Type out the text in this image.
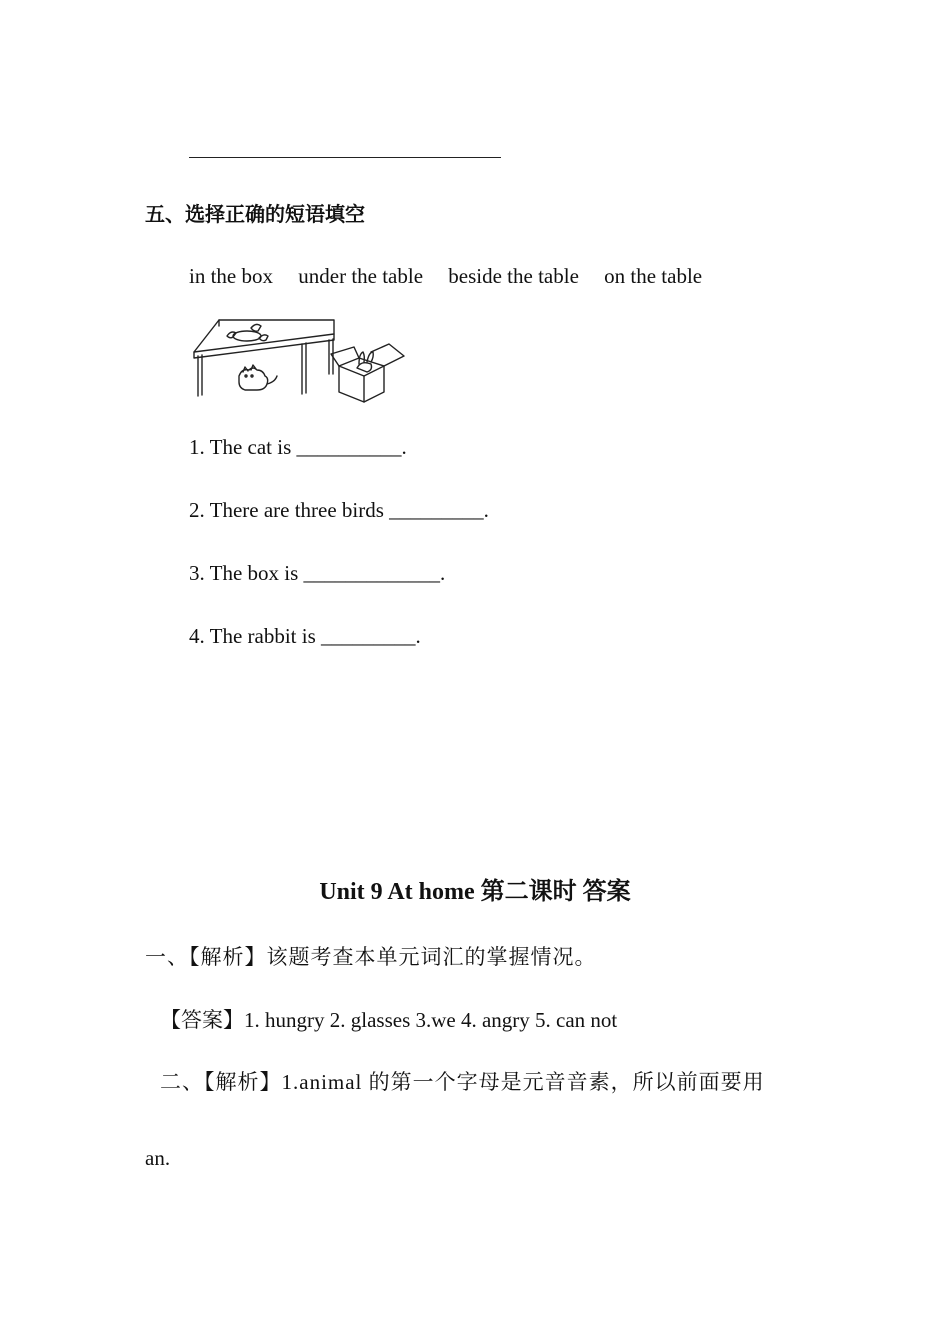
五、选择正确的短语填空
in the box under the table beside the table on the table
1. The cat is __________.
2. There are three birds _________.
3. The box is _____________.
4. The rabbit is _________.
Unit 9 At home 第二课时 答案
一、【解析】该题考查本单元词汇的掌握情况。
【答案】1. hungry 2. glasses 3.we 4. angry 5. can not
二、【解析】1.animal 的第一个字母是元音音素，所以前面要用
an.
